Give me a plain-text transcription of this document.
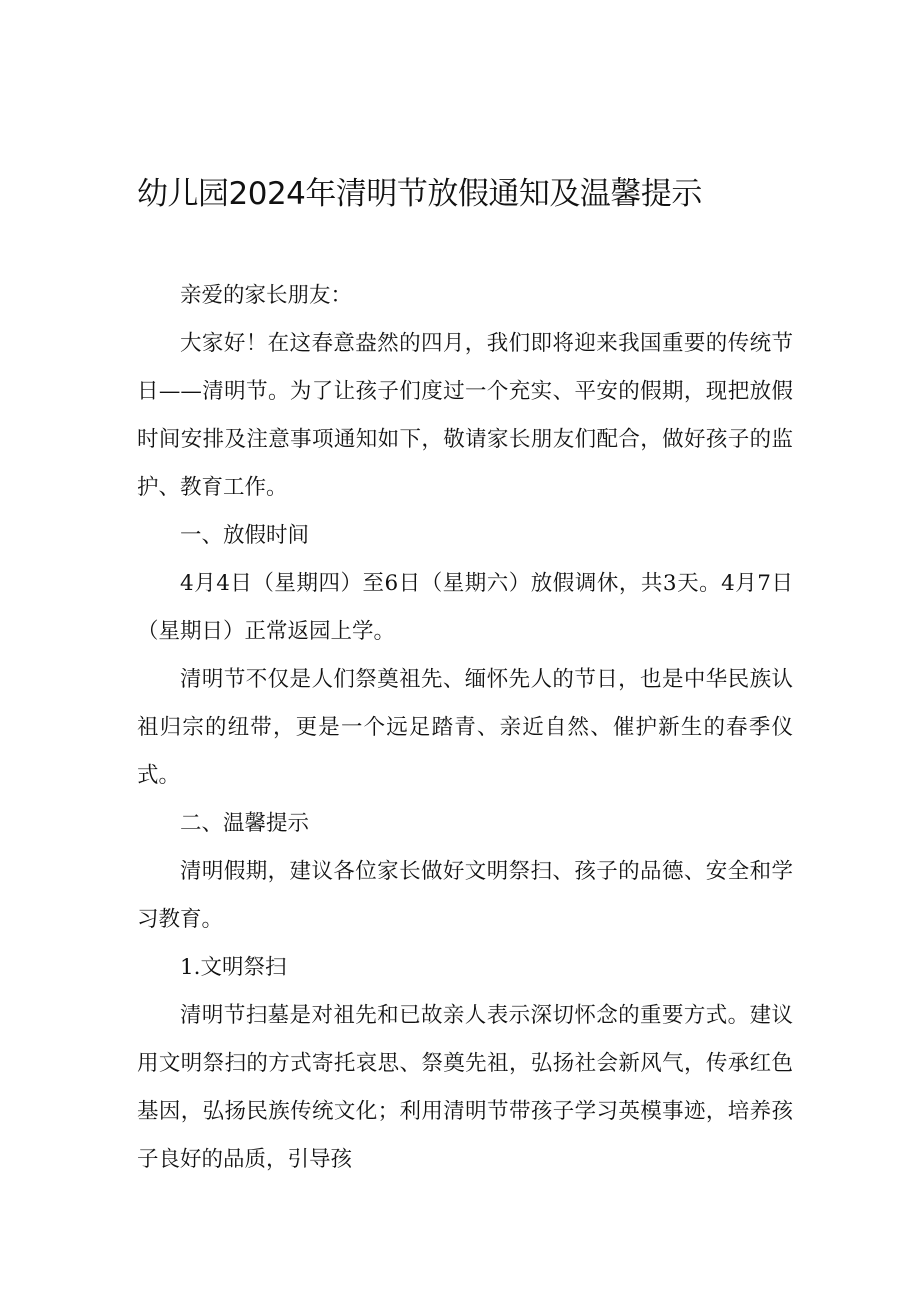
幼儿园2024年清明节放假通知及温馨提示

亲爱的家长朋友：

大家好！在这春意盎然的四月，我们即将迎来我国重要的传统节日——清明节。为了让孩子们度过一个充实、平安的假期，现把放假时间安排及注意事项通知如下，敬请家长朋友们配合，做好孩子的监护、教育工作。

一、放假时间

4月4日（星期四）至6日（星期六）放假调休，共3天。4月7日（星期日）正常返园上学。

清明节不仅是人们祭奠祖先、缅怀先人的节日，也是中华民族认祖归宗的纽带，更是一个远足踏青、亲近自然、催护新生的春季仪式。

二、温馨提示

清明假期，建议各位家长做好文明祭扫、孩子的品德、安全和学习教育。

1.文明祭扫

清明节扫墓是对祖先和已故亲人表示深切怀念的重要方式。建议用文明祭扫的方式寄托哀思、祭奠先祖，弘扬社会新风气，传承红色基因，弘扬民族传统文化；利用清明节带孩子学习英模事迹，培养孩子良好的品质，引导孩
